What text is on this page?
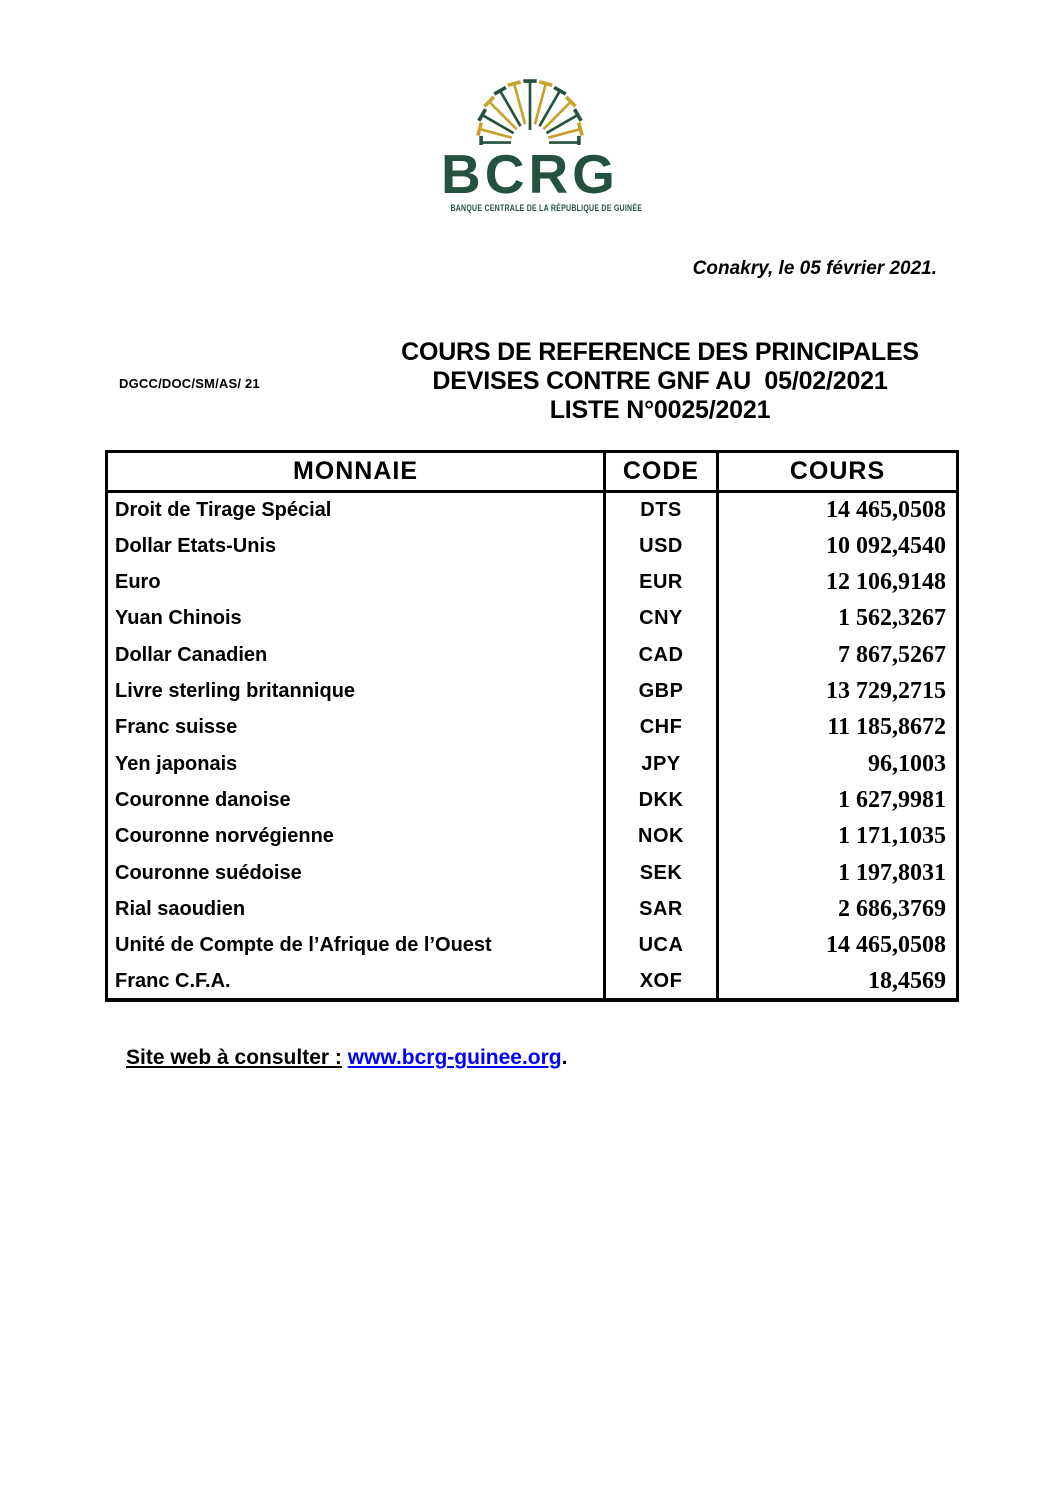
BCRG
BANQUE CENTRALE DE LA RÉPUBLIQUE DE GUINÉE
Conakry, le 05 février 2021.
DGCC/DOC/SM/AS/ 21
COURS DE REFERENCE DES PRINCIPALES
DEVISES CONTRE GNF AU  05/02/2021
LISTE N°0025/2021
MONNAIE	CODE	COURS
Droit de Tirage Spécial	DTS	14 465,0508
Dollar Etats-Unis	USD	10 092,4540
Euro	EUR	12 106,9148
Yuan Chinois	CNY	1 562,3267
Dollar Canadien	CAD	7 867,5267
Livre sterling britannique	GBP	13 729,2715
Franc suisse	CHF	11 185,8672
Yen japonais	JPY	96,1003
Couronne danoise	DKK	1 627,9981
Couronne norvégienne	NOK	1 171,1035
Couronne suédoise	SEK	1 197,8031
Rial saoudien	SAR	2 686,3769
Unité de Compte de l’Afrique de l’Ouest	UCA	14 465,0508
Franc C.F.A.	XOF	18,4569
Site web à consulter : www.bcrg-guinee.org.
